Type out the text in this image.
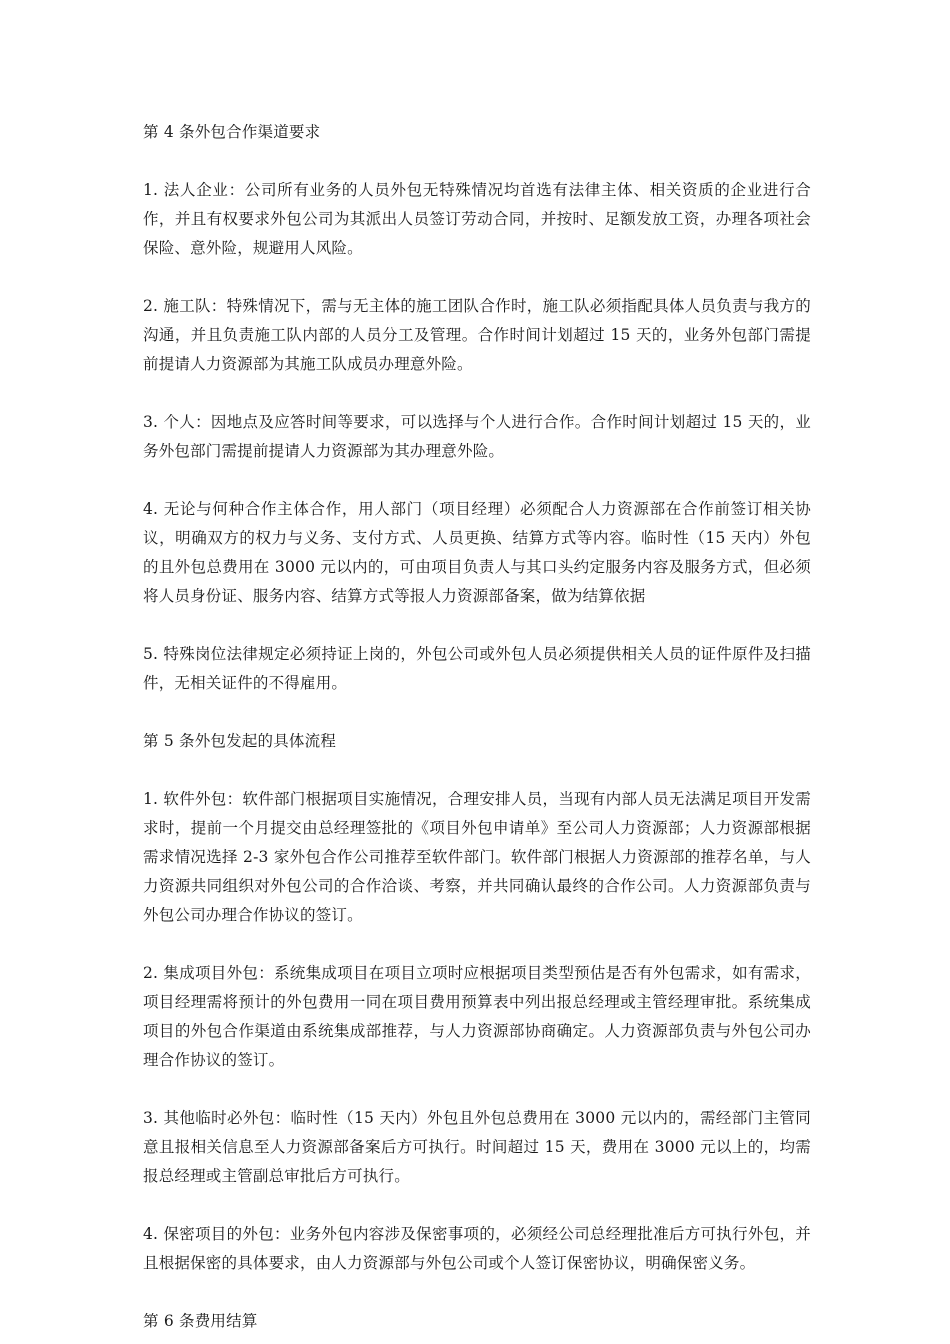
第 4 条外包合作渠道要求

1. 法人企业：公司所有业务的人员外包无特殊情况均首选有法律主体、相关资质的企业进行合作，并且有权要求外包公司为其派出人员签订劳动合同，并按时、足额发放工资，办理各项社会保险、意外险，规避用人风险。

2. 施工队：特殊情况下，需与无主体的施工团队合作时，施工队必须指配具体人员负责与我方的沟通，并且负责施工队内部的人员分工及管理。合作时间计划超过 15 天的，业务外包部门需提前提请人力资源部为其施工队成员办理意外险。

3. 个人：因地点及应答时间等要求，可以选择与个人进行合作。合作时间计划超过 15 天的，业务外包部门需提前提请人力资源部为其办理意外险。

4. 无论与何种合作主体合作，用人部门（项目经理）必须配合人力资源部在合作前签订相关协议，明确双方的权力与义务、支付方式、人员更换、结算方式等内容。临时性（15 天内）外包的且外包总费用在 3000 元以内的，可由项目负责人与其口头约定服务内容及服务方式，但必须将人员身份证、服务内容、结算方式等报人力资源部备案，做为结算依据

5. 特殊岗位法律规定必须持证上岗的，外包公司或外包人员必须提供相关人员的证件原件及扫描件，无相关证件的不得雇用。

第 5 条外包发起的具体流程

1. 软件外包：软件部门根据项目实施情况，合理安排人员，当现有内部人员无法满足项目开发需求时，提前一个月提交由总经理签批的《项目外包申请单》至公司人力资源部；人力资源部根据需求情况选择 2-3 家外包合作公司推荐至软件部门。软件部门根据人力资源部的推荐名单，与人力资源共同组织对外包公司的合作洽谈、考察，并共同确认最终的合作公司。人力资源部负责与外包公司办理合作协议的签订。

2. 集成项目外包：系统集成项目在项目立项时应根据项目类型预估是否有外包需求，如有需求，项目经理需将预计的外包费用一同在项目费用预算表中列出报总经理或主管经理审批。系统集成项目的外包合作渠道由系统集成部推荐，与人力资源部协商确定。人力资源部负责与外包公司办理合作协议的签订。

3. 其他临时必外包：临时性（15 天内）外包且外包总费用在 3000 元以内的，需经部门主管同意且报相关信息至人力资源部备案后方可执行。时间超过 15 天，费用在 3000 元以上的，均需报总经理或主管副总审批后方可执行。

4. 保密项目的外包：业务外包内容涉及保密事项的，必须经公司总经理批准后方可执行外包，并且根据保密的具体要求，由人力资源部与外包公司或个人签订保密协议，明确保密义务。

第 6 条费用结算
